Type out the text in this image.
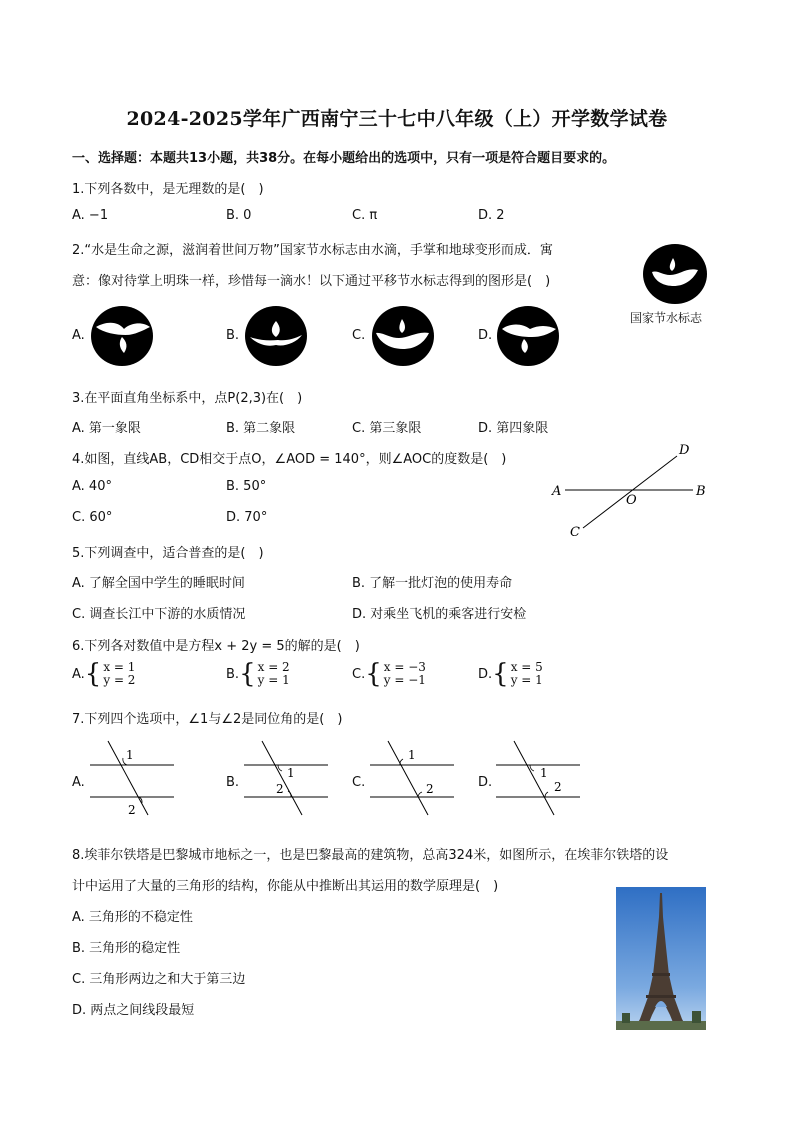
2024-2025学年广西南宁三十七中八年级（上）开学数学试卷
一、选择题：本题共13小题，共38分。在每小题给出的选项中，只有一项是符合题目要求的。
1.下列各数中，是无理数的是(　)
A. −1	B. 0	C. π	D. 2
2.“水是生命之源，滋润着世间万物”国家节水标志由水滴，手掌和地球变形而成．寓
意：像对待掌上明珠一样，珍惜每一滴水！以下通过平移节水标志得到的图形是(　)
国家节水标志
A.	B.	C.	D.
3.在平面直角坐标系中，点P(2,3)在(　)
A. 第一象限	B. 第二象限	C. 第三象限	D. 第四象限
4.如图，直线AB，CD相交于点O，∠AOD = 140°，则∠AOC的度数是(　)
A. 40°	B. 50°
C. 60°	D. 70°
A	B
C
D
O
5.下列调查中，适合普查的是(　)
A. 了解全国中学生的睡眠时间	B. 了解一批灯泡的使用寿命
C. 调查长江中下游的水质情况	D. 对乘坐飞机的乘客进行安检
6.下列各对数值中是方程x + 2y = 5的解的是(　)
A. { x = 1
y = 2	B. { x = 2
y = 1	C. { x = −3
y = −1	D. { x = 5
y = 1
7.下列四个选项中，∠1与∠2是同位角的是(　)
A.
1
2
B.
1
2	C.
1
2	D.
1
2
8.埃菲尔铁塔是巴黎城市地标之一，也是巴黎最高的建筑物，总高324米，如图所示，在埃菲尔铁塔的设
计中运用了大量的三角形的结构，你能从中推断出其运用的数学原理是(　)
A. 三角形的不稳定性
B. 三角形的稳定性
C. 三角形两边之和大于第三边
D. 两点之间线段最短
